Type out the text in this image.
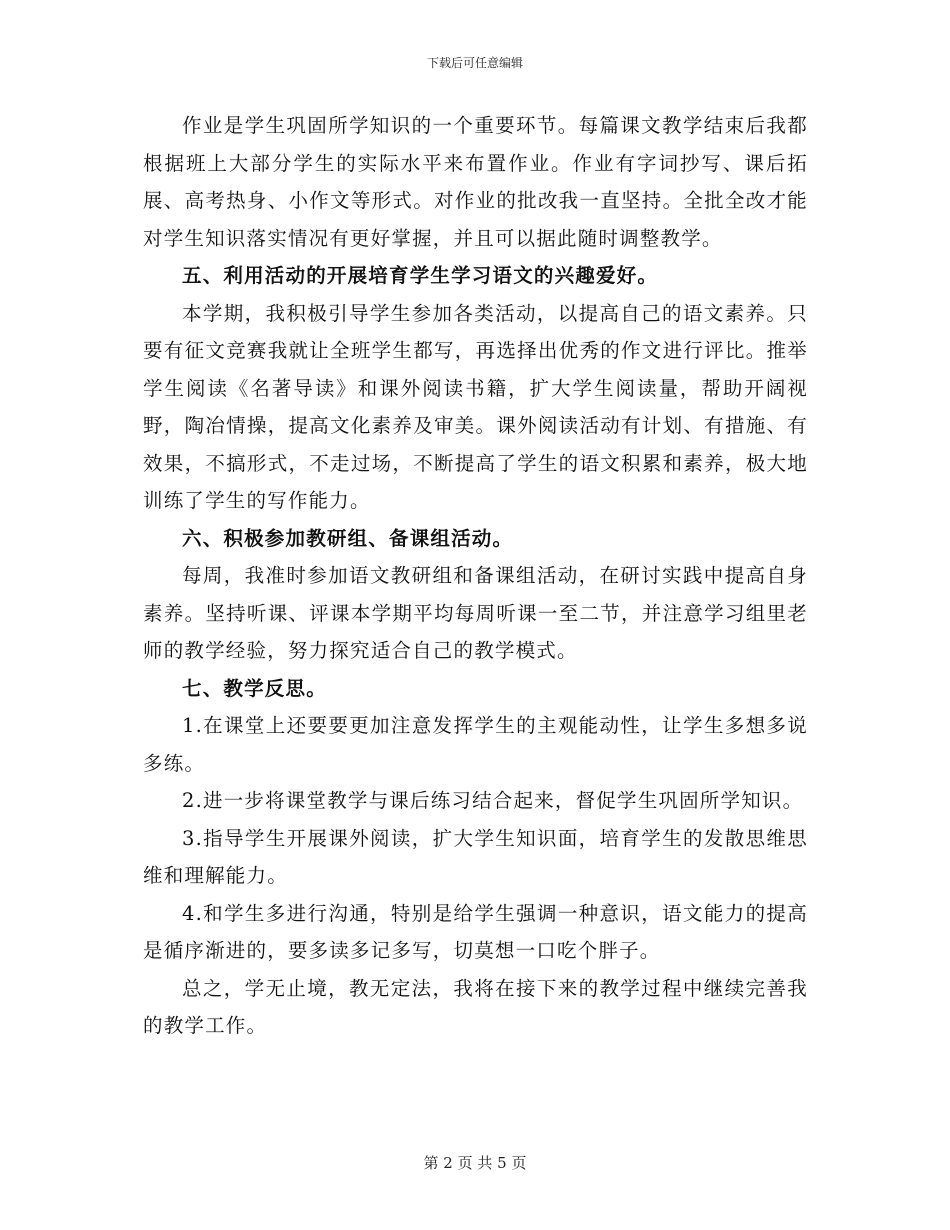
下载后可任意编辑

作业是学生巩固所学知识的一个重要环节。每篇课文教学结束后我都根据班上大部分学生的实际水平来布置作业。作业有字词抄写、课后拓展、高考热身、小作文等形式。对作业的批改我一直坚持。全批全改才能对学生知识落实情况有更好掌握，并且可以据此随时调整教学。

五、利用活动的开展培育学生学习语文的兴趣爱好。

本学期，我积极引导学生参加各类活动，以提高自己的语文素养。只要有征文竞赛我就让全班学生都写，再选择出优秀的作文进行评比。推举学生阅读《名著导读》和课外阅读书籍，扩大学生阅读量，帮助开阔视野，陶冶情操，提高文化素养及审美。课外阅读活动有计划、有措施、有效果，不搞形式，不走过场，不断提高了学生的语文积累和素养，极大地训练了学生的写作能力。

六、积极参加教研组、备课组活动。

每周，我准时参加语文教研组和备课组活动，在研讨实践中提高自身素养。坚持听课、评课本学期平均每周听课一至二节，并注意学习组里老师的教学经验，努力探究适合自己的教学模式。

七、教学反思。

1.在课堂上还要要更加注意发挥学生的主观能动性，让学生多想多说多练。

2.进一步将课堂教学与课后练习结合起来，督促学生巩固所学知识。

3.指导学生开展课外阅读，扩大学生知识面，培育学生的发散思维思维和理解能力。

4.和学生多进行沟通，特别是给学生强调一种意识，语文能力的提高是循序渐进的，要多读多记多写，切莫想一口吃个胖子。

总之，学无止境，教无定法，我将在接下来的教学过程中继续完善我的教学工作。

第 2 页 共 5 页
